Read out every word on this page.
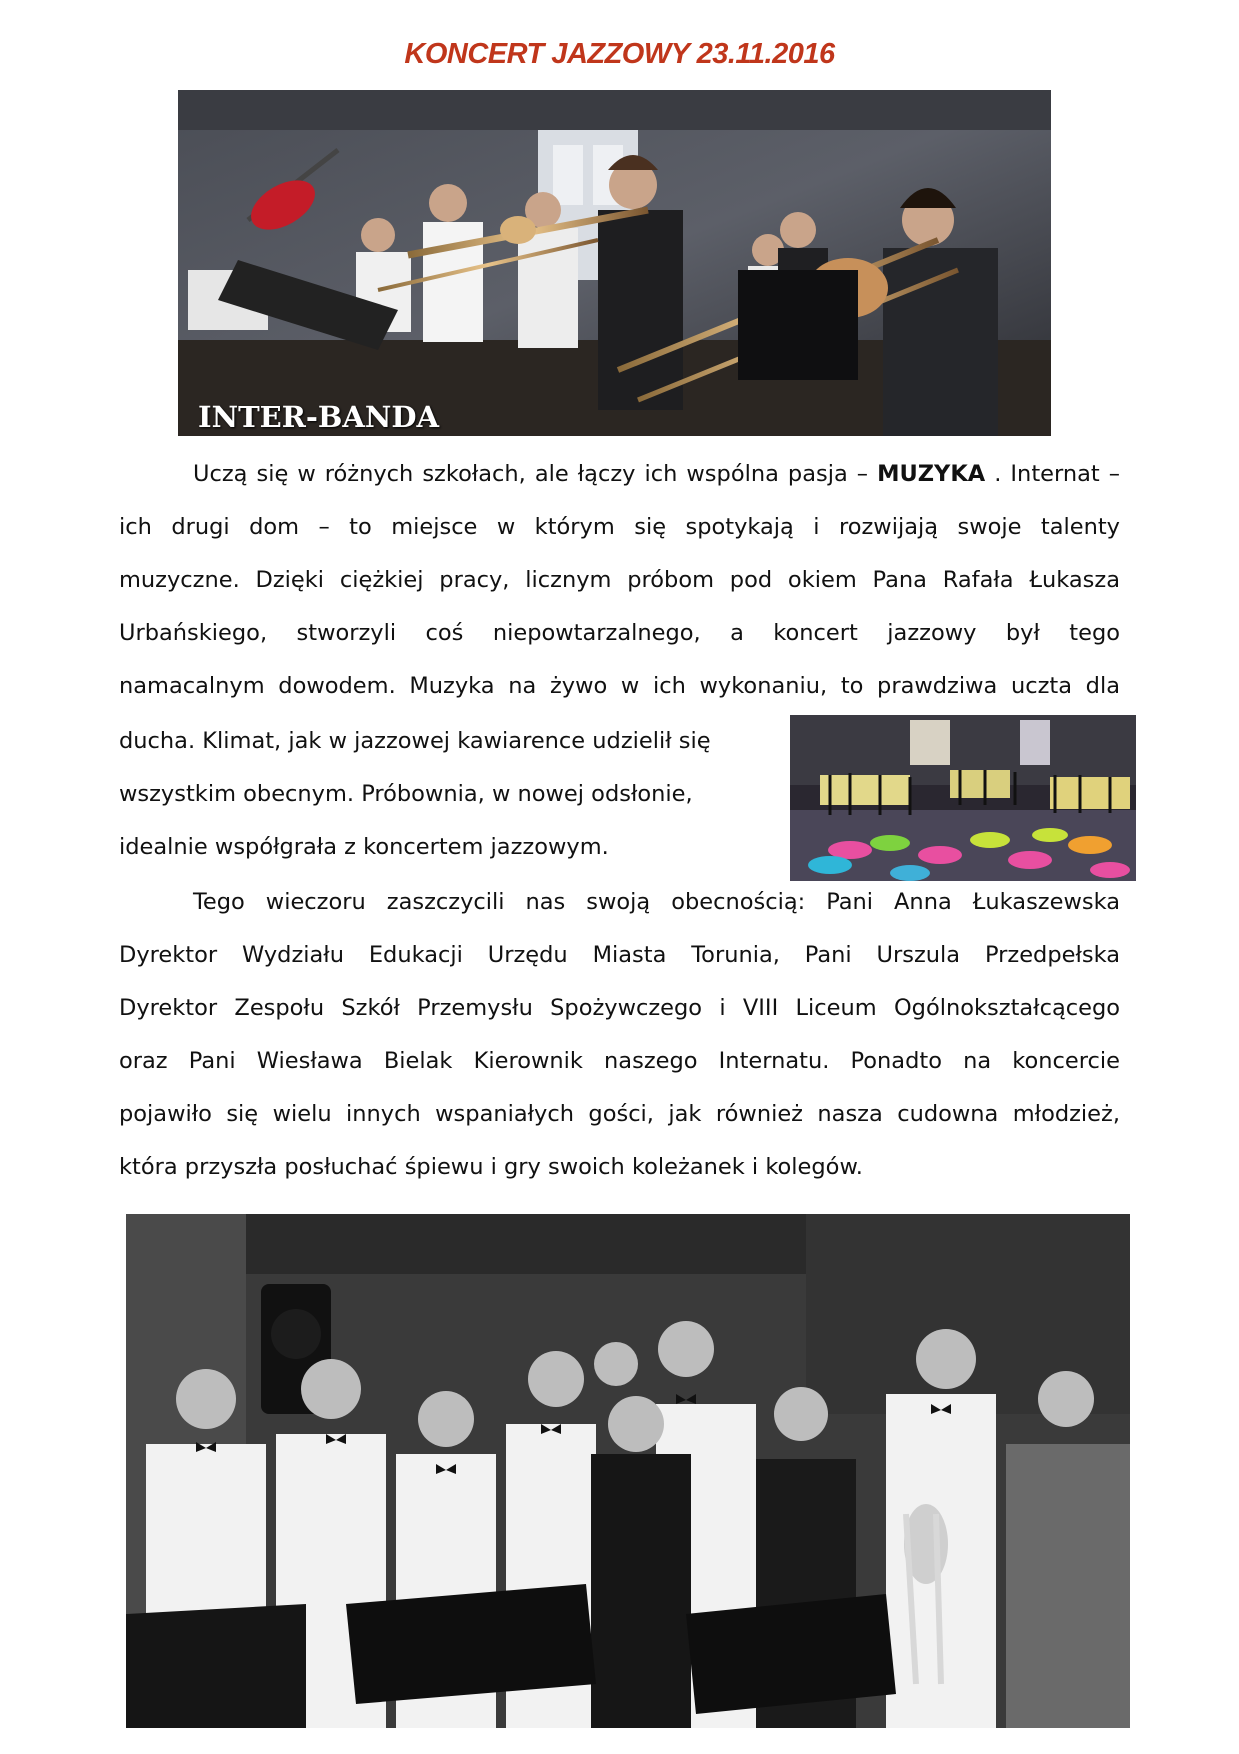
KONCERT JAZZOWY 23.11.2016
INTER-BANDA
Uczą się w różnych szkołach, ale łączy ich wspólna pasja – MUZYKA . Internat –
ich drugi dom – to miejsce w którym się spotykają i rozwijają swoje talenty
muzyczne. Dzięki ciężkiej pracy, licznym próbom pod okiem Pana Rafała Łukasza
Urbańskiego, stworzyli coś niepowtarzalnego, a koncert jazzowy był tego
namacalnym dowodem. Muzyka na żywo w ich wykonaniu, to prawdziwa uczta dla
ducha. Klimat, jak w jazzowej kawiarence udzielił się
wszystkim obecnym. Próbownia, w nowej odsłonie,
idealnie współgrała z koncertem jazzowym.
Tego wieczoru zaszczycili nas swoją obecnością: Pani Anna Łukaszewska
Dyrektor Wydziału Edukacji Urzędu Miasta Torunia, Pani Urszula Przedpełska
Dyrektor Zespołu Szkół Przemysłu Spożywczego i VIII Liceum Ogólnokształcącego
oraz Pani Wiesława Bielak Kierownik naszego Internatu. Ponadto na koncercie
pojawiło się wielu innych wspaniałych gości, jak również nasza cudowna młodzież,
która przyszła posłuchać śpiewu i gry swoich koleżanek i kolegów.
